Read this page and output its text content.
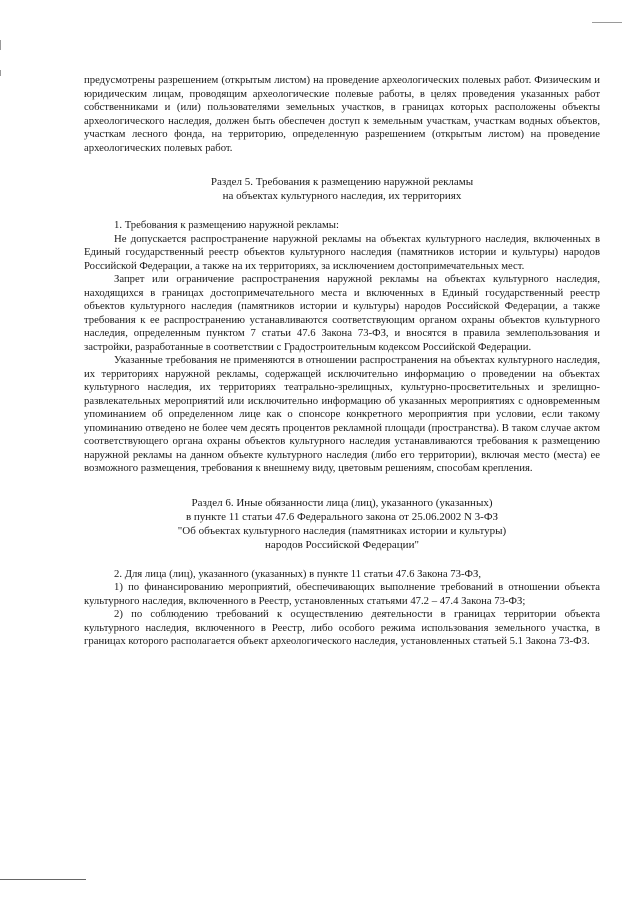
предусмотрены разрешением (открытым листом) на проведение археологических полевых работ. Физическим и юридическим лицам, проводящим археологические полевые работы, в целях проведения указанных работ собственниками и (или) пользователями земельных участков, в границах которых расположены объекты археологического наследия, должен быть обеспечен доступ к земельным участкам, участкам водных объектов, участкам лесного фонда, на территорию, определенную разрешением (открытым листом) на проведение археологических полевых работ.

Раздел 5. Требования к размещению наружной рекламы

на объектах культурного наследия, их территориях

1. Требования к размещению наружной рекламы:

Не допускается распространение наружной рекламы на объектах культурного наследия, включенных в Единый государственный реестр объектов культурного наследия (памятников истории и культуры) народов Российской Федерации, а также на их территориях, за исключением достопримечательных мест.

Запрет или ограничение распространения наружной рекламы на объектах культурного наследия, находящихся в границах достопримечательного места и включенных в Единый государственный реестр объектов культурного наследия (памятников истории и культуры) народов Российской Федерации, а также требования к ее распространению устанавливаются соответствующим органом охраны объектов культурного наследия, определенным пунктом 7 статьи 47.6 Закона 73-ФЗ, и вносятся в правила землепользования и застройки, разработанные в соответствии с Градостроительным кодексом Российской Федерации.

Указанные требования не применяются в отношении распространения на объектах культурного наследия, их территориях наружной рекламы, содержащей исключительно информацию о проведении на объектах культурного наследия, их территориях театрально-зрелищных, культурно-просветительных и зрелищно-развлекательных мероприятий или исключительно информацию об указанных мероприятиях с одновременным упоминанием об определенном лице как о спонсоре конкретного мероприятия при условии, если такому упоминанию отведено не более чем десять процентов рекламной площади (пространства). В таком случае актом соответствующего органа охраны объектов культурного наследия устанавливаются требования к размещению наружной рекламы на данном объекте культурного наследия (либо его территории), включая место (места) ее возможного размещения, требования к внешнему виду, цветовым решениям, способам крепления.

Раздел 6. Иные обязанности лица (лиц), указанного (указанных)

в пункте 11 статьи 47.6 Федерального закона от 25.06.2002 N 3-ФЗ

"Об объектах культурного наследия (памятниках истории и культуры)

народов Российской Федерации"

2. Для лица (лиц), указанного (указанных) в пункте 11 статьи 47.6 Закона 73-ФЗ,

1) по финансированию мероприятий, обеспечивающих выполнение требований в отношении объекта культурного наследия, включенного в Реестр, установленных статьями 47.2 – 47.4 Закона 73-ФЗ;

2) по соблюдению требований к осуществлению деятельности в границах территории объекта культурного наследия, включенного в Реестр, либо особого режима использования земельного участка, в границах которого располагается объект археологического наследия, установленных статьей 5.1 Закона 73-ФЗ.
